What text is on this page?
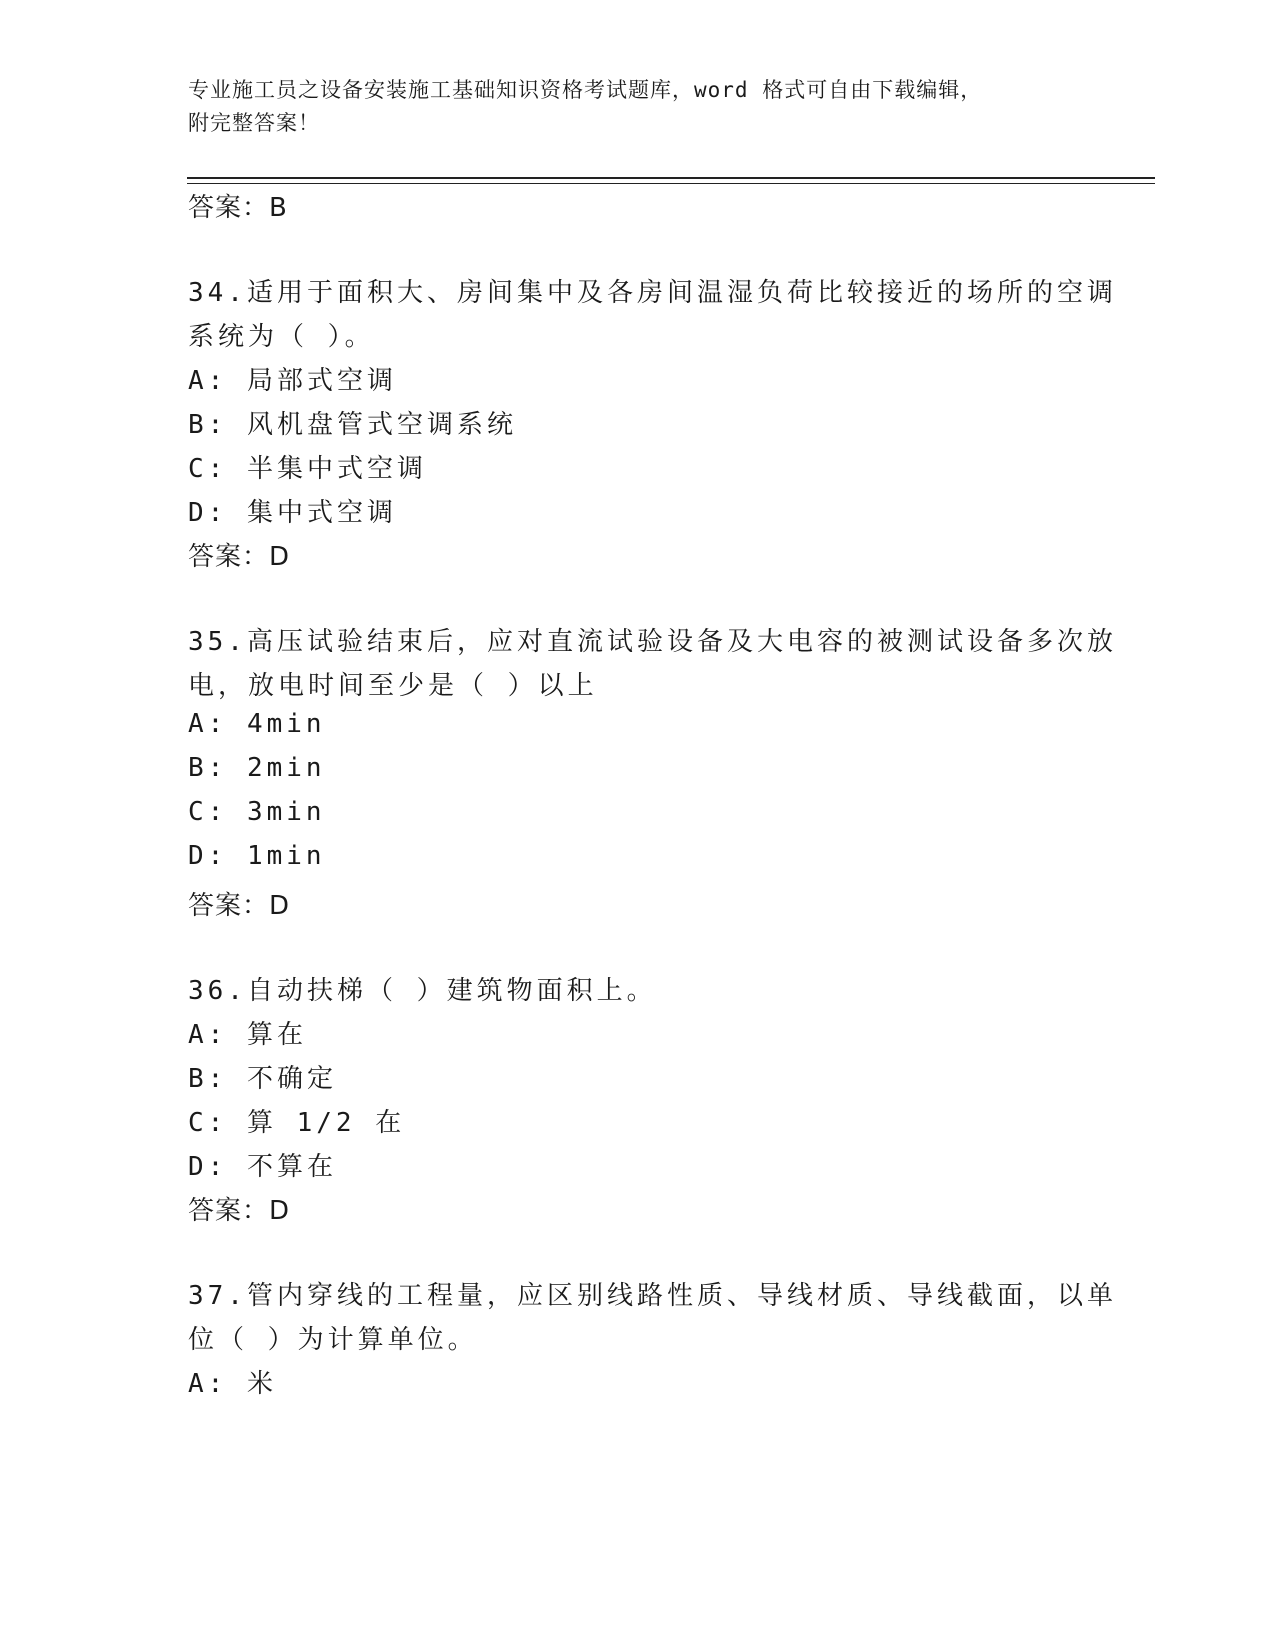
专业施工员之设备安装施工基础知识资格考试题库，word 格式可自由下载编辑，
附完整答案！
答案：B
34.适用于面积大、房间集中及各房间温湿负荷比较接近的场所的空调
系统为（ ）。
A: 局部式空调
B: 风机盘管式空调系统
C: 半集中式空调
D: 集中式空调
答案：D
35.高压试验结束后，应对直流试验设备及大电容的被测试设备多次放
电，放电时间至少是（ ）以上
A: 4min
B: 2min
C: 3min
D: 1min
答案：D
36.自动扶梯（ ）建筑物面积上。
A: 算在
B: 不确定
C: 算 1/2 在
D: 不算在
答案：D
37.管内穿线的工程量，应区别线路性质、导线材质、导线截面，以单
位（ ）为计算单位。
A: 米
